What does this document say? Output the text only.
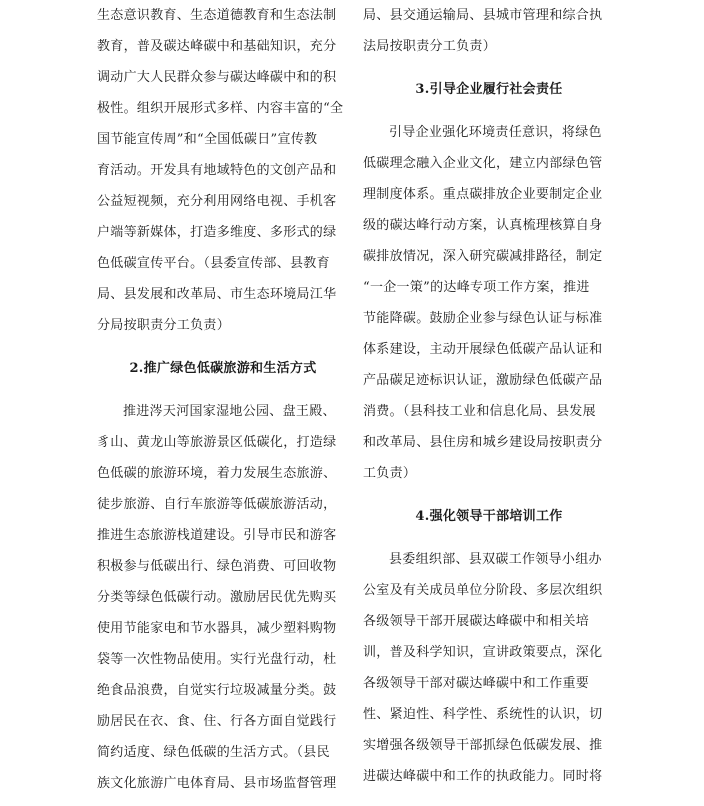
生态意识教育、生态道德教育和生态法制
教育，普及碳达峰碳中和基础知识，充分
调动广大人民群众参与碳达峰碳中和的积
极性。组织开展形式多样、内容丰富的“全
国节能宣传周”和“全国低碳日”宣传教
育活动。开发具有地域特色的文创产品和
公益短视频，充分利用网络电视、手机客
户端等新媒体，打造多维度、多形式的绿
色低碳宣传平台。（县委宣传部、县教育
局、县发展和改革局、市生态环境局江华
分局按职责分工负责）
2.推广绿色低碳旅游和生活方式
推进涔天河国家湿地公园、盘王殿、
豸山、黄龙山等旅游景区低碳化，打造绿
色低碳的旅游环境，着力发展生态旅游、
徒步旅游、自行车旅游等低碳旅游活动，
推进生态旅游栈道建设。引导市民和游客
积极参与低碳出行、绿色消费、可回收物
分类等绿色低碳行动。激励居民优先购买
使用节能家电和节水器具，减少塑料购物
袋等一次性物品使用。实行光盘行动，杜
绝食品浪费，自觉实行垃圾减量分类。鼓
励居民在衣、食、住、行各方面自觉践行
简约适度、绿色低碳的生活方式。（县民
族文化旅游广电体育局、县市场监督管理
局、县交通运输局、县城市管理和综合执
法局按职责分工负责）
3.引导企业履行社会责任
引导企业强化环境责任意识，将绿色
低碳理念融入企业文化，建立内部绿色管
理制度体系。重点碳排放企业要制定企业
级的碳达峰行动方案，认真梳理核算自身
碳排放情况，深入研究碳减排路径，制定
“一企一策”的达峰专项工作方案，推进
节能降碳。鼓励企业参与绿色认证与标准
体系建设，主动开展绿色低碳产品认证和
产品碳足迹标识认证，激励绿色低碳产品
消费。（县科技工业和信息化局、县发展
和改革局、县住房和城乡建设局按职责分
工负责）
4.强化领导干部培训工作
县委组织部、县双碳工作领导小组办
公室及有关成员单位分阶段、多层次组织
各级领导干部开展碳达峰碳中和相关培
训，普及科学知识，宣讲政策要点，深化
各级领导干部对碳达峰碳中和工作重要
性、紧迫性、科学性、系统性的认识，切
实增强各级领导干部抓绿色低碳发展、推
进碳达峰碳中和工作的执政能力。同时将
